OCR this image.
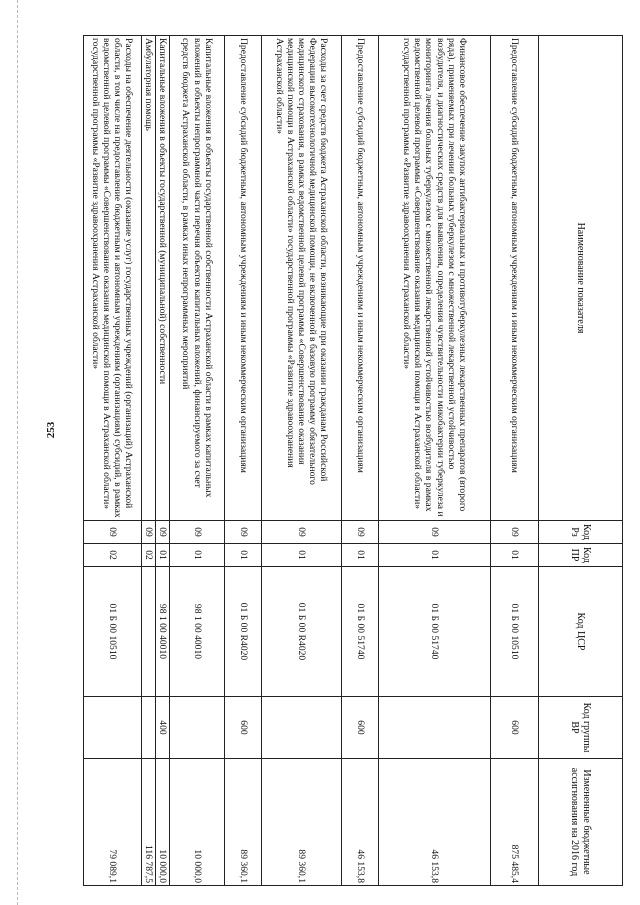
253
Наименование показателя	Код Рз	Код ПР	Код ЦСР	Код группы ВР	Измененные бюджетные ассигнования на 2016 год
Предоставление субсидий бюджетным, автономным учреждениям и иным некоммерческим организациям	09	01	01 Б 00 10510	600	875 485,4
Финансовое обеспечение закупок антибактериальных и противотуберкулезных лекарственных препаратов (второго ряда), применяемых при лечении больных туберкулезом с множественной лекарственной устойчивостью возбудителя, и диагностических средств для выявления, определения чувствительности микобактерии туберкулеза и мониторинга лечения больных туберкулезом с множественной лекарственной устойчивостью возбудителя в рамках ведомственной целевой программы «Совершенствование оказания медицинской помощи в Астраханской области» государственной программы «Развитие здравоохранения Астраханской области»	09	01	01 Б 00 51740		46 153,8
Предоставление субсидий бюджетным, автономным учреждениям и иным некоммерческим организациям	09	01	01 Б 00 51740	600	46 153,8
Расходы за счет средств бюджета Астраханской области, возникающие при оказании гражданам Российской Федерации высокотехнологичной медицинской помощи, не включенной в базовую программу обязательного медицинского страхования, в рамках ведомственной целевой программы «Совершенствование оказания медицинской помощи в Астраханской области» государственной программы «Развитие здравоохранения Астраханской области»	09	01	01 Б 00 R4020		89 360,1
Предоставление субсидий бюджетным, автономным учреждениям и иным некоммерческим организациям	09	01	01 Б 00 R4020	600	89 360,1
Капитальные вложения в объекты государственной собственности Астраханской области в рамках капитальных вложений в объекты непрограммной части перечня объектов капитальных вложений, финансируемого за счет средств бюджета Астраханской области, в рамках иных непрограммных мероприятий	09	01	98 1 00 40010		10 000,0
Капитальные вложения в объекты государственной (муниципальной) собственности	09	01	98 1 00 40010	400	10 000,0
Амбулаторная помощь	09	02			116 787,5
Расходы на обеспечение деятельности (оказание услуг) государственных учреждений (организаций) Астраханской области, в том числе на предоставление бюджетным и автономным учреждениям (организациям) субсидий, в рамках ведомственной целевой программы «Совершенствование оказания медицинской помощи в Астраханской области» государственной программы «Развитие здравоохранения Астраханской области»	09	02	01 Б 00 10510		79 089,1
